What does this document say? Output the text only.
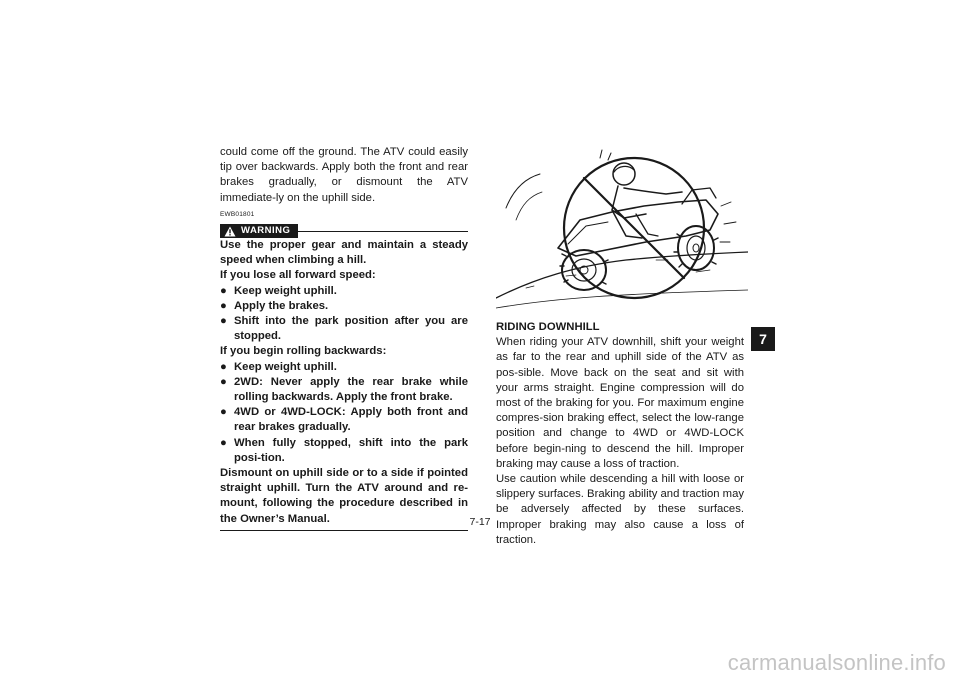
could come off the ground. The ATV could easily tip over backwards. Apply both the front and rear brakes gradually, or dismount the ATV immediate-ly on the uphill side.

EWB01801
WARNING

Use the proper gear and maintain a steady speed when climbing a hill.

If you lose all forward speed:

● Keep weight uphill.
● Apply the brakes.
● Shift into the park position after you are stopped.

If you begin rolling backwards:

● Keep weight uphill.
● 2WD: Never apply the rear brake while rolling backwards. Apply the front brake.
● 4WD or 4WD-LOCK: Apply both front and rear brakes gradually.
● When fully stopped, shift into the park posi-tion.

Dismount on uphill side or to a side if pointed straight uphill. Turn the ATV around and re-mount, following the procedure described in the Owner’s Manual.

RIDING DOWNHILL

When riding your ATV downhill, shift your weight as far to the rear and uphill side of the ATV as pos-sible. Move back on the seat and sit with your arms straight. Engine compression will do most of the braking for you. For maximum engine compres-sion braking effect, select the low-range position and change to 4WD or 4WD-LOCK before begin-ning to descend the hill. Improper braking may cause a loss of traction.

Use caution while descending a hill with loose or slippery surfaces. Braking ability and traction may be adversely affected by these surfaces. Improper braking may also cause a loss of traction.

7
7-17
carmanualsonline.info
